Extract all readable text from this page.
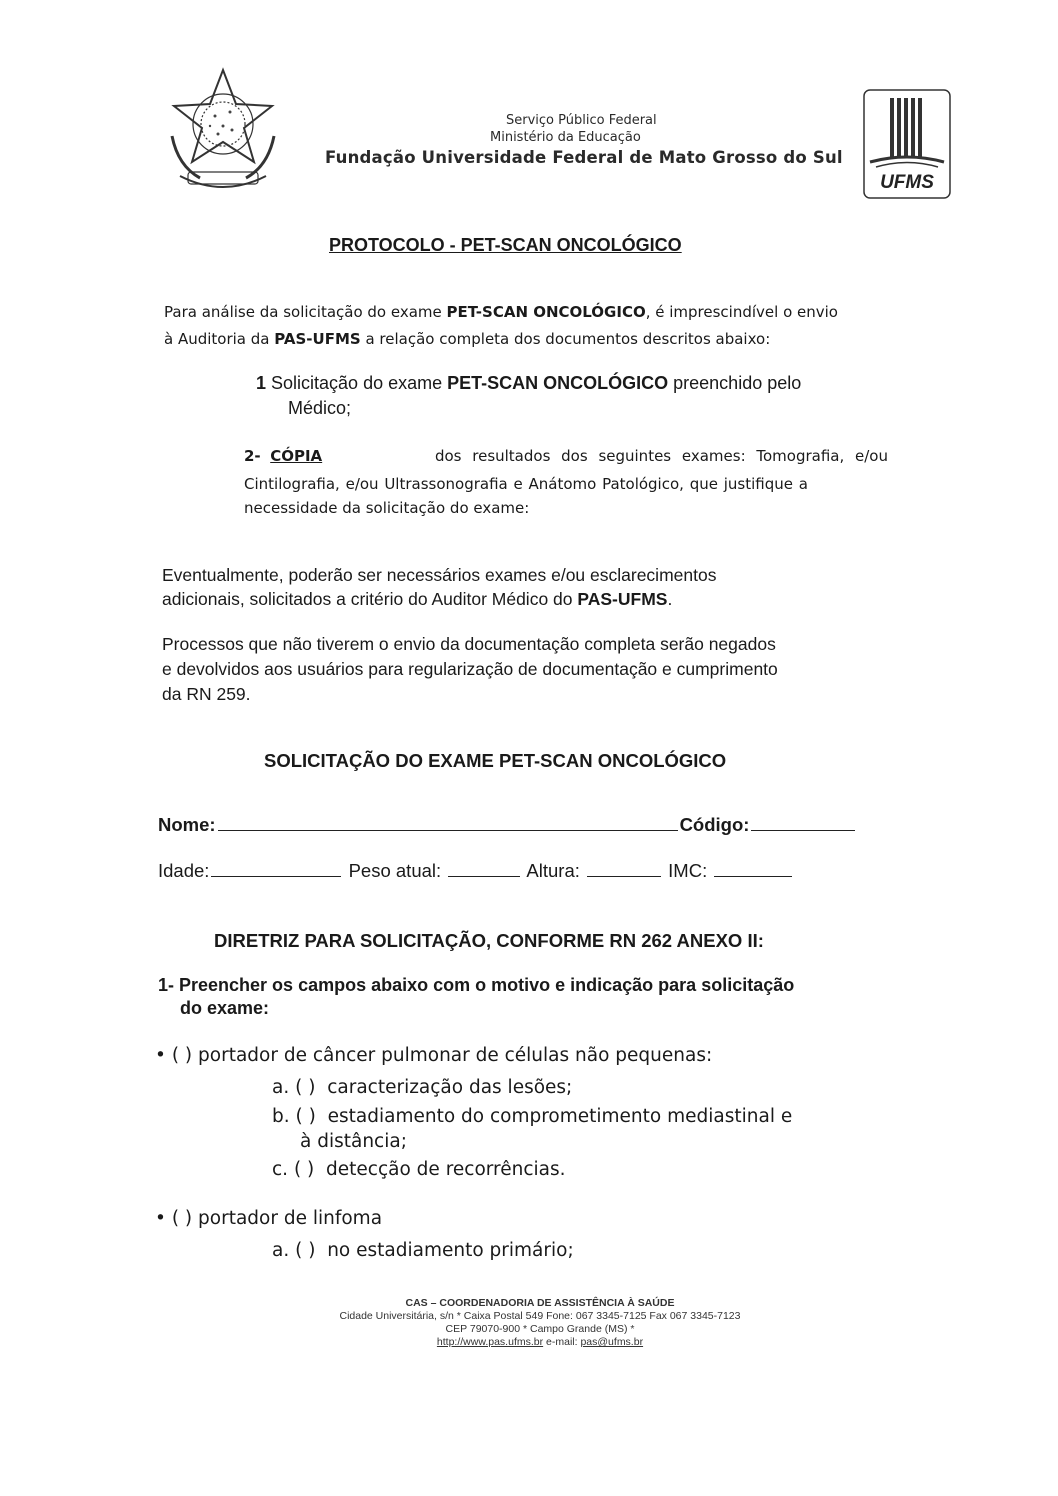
Serviço Público Federal
Ministério da Educação
Fundação Universidade Federal de Mato Grosso do Sul
UFMS
PROTOCOLO - PET-SCAN ONCOLÓGICO
Para análise da solicitação do exame PET-SCAN ONCOLÓGICO, é imprescindível o envio
à Auditoria da PAS-UFMS a relação completa dos documentos descritos abaixo:
1 Solicitação do exame PET-SCAN ONCOLÓGICO preenchido pelo
Médico;
2- CÓPIA	dos resultados dos seguintes exames: Tomografia, e/ou
Cintilografia, e/ou Ultrassonografia e Anátomo Patológico, que justifique a
necessidade da solicitação do exame:
Eventualmente, poderão ser necessários exames e/ou esclarecimentos
adicionais, solicitados a critério do Auditor Médico do PAS-UFMS.
Processos que não tiverem o envio da documentação completa serão negados
e devolvidos aos usuários para regularização de documentação e cumprimento
da RN 259.
SOLICITAÇÃO DO EXAME PET-SCAN ONCOLÓGICO
Nome:	Código:
Idade:	Peso atual:	Altura:	IMC:
DIRETRIZ PARA SOLICITAÇÃO, CONFORME RN 262 ANEXO II:
1- Preencher os campos abaixo com o motivo e indicação para solicitação
do exame:
• ( ) portador de câncer pulmonar de células não pequenas:
a. ( ) caracterização das lesões;
b. ( ) estadiamento do comprometimento mediastinal e
à distância;
c. ( ) detecção de recorrências.
• ( ) portador de linfoma
a. ( ) no estadiamento primário;
CAS – COORDENADORIA DE ASSISTÊNCIA À SAÚDE
Cidade Universitária, s/n * Caixa Postal 549 Fone: 067 3345-7125 Fax 067 3345-7123
CEP 79070-900 * Campo Grande (MS) *
http://www.pas.ufms.br e-mail: pas@ufms.br
